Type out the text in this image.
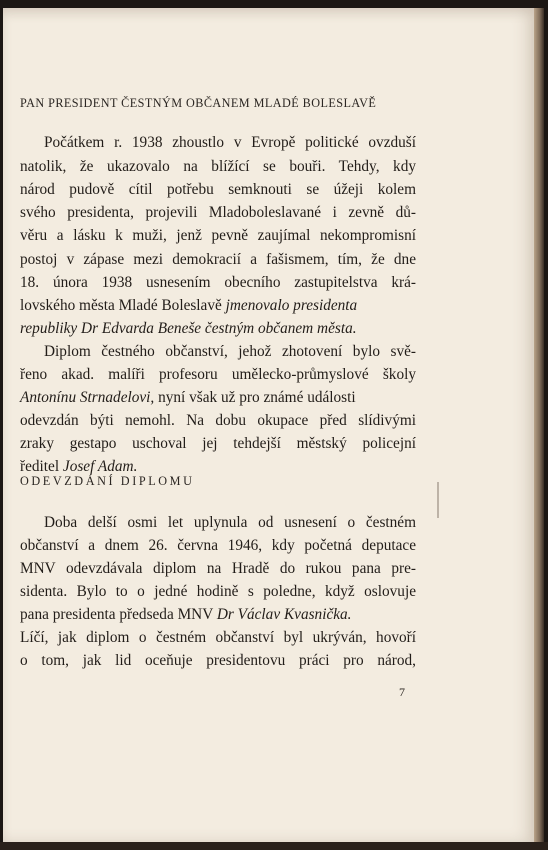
PAN PRESIDENT ČESTNÝM OBČANEM MLADÉ BOLESLAVĚ
Počátkem r. 1938 zhoustlo v Evropě politické ovzduší
natolik, že ukazovalo na blížící se bouři. Tehdy, kdy
národ pudově cítil potřebu semknouti se úžeji kolem
svého presidenta, projevili Mladoboleslavané i zevně dů-
věru a lásku k muži, jenž pevně zaujímal nekompromisní
postoj v zápase mezi demokracií a fašismem, tím, že dne
18. února 1938 usnesením obecního zastupitelstva krá-
lovského města Mladé Boleslavě jmenovalo presidenta
republiky Dr Edvarda Beneše čestným občanem města.
Diplom čestného občanství, jehož zhotovení bylo svě-
řeno akad. malíři profesoru umělecko-průmyslové školy
Antonínu Strnadelovi, nyní však už pro známé události
odevzdán býti nemohl. Na dobu okupace před slídivými
zraky gestapo uschoval jej tehdejší městský policejní
ředitel Josef Adam.
ODEVZDÁNÍ DIPLOMU
Doba delší osmi let uplynula od usnesení o čestném
občanství a dnem 26. června 1946, kdy početná deputace
MNV odevzdávala diplom na Hradě do rukou pana pre-
sidenta. Bylo to o jedné hodině s poledne, když oslovuje
pana presidenta předseda MNV Dr Václav Kvasnička.
Líčí, jak diplom o čestném občanství byl ukrýván, hovoří
o tom, jak lid oceňuje presidentovu práci pro národ,
7
